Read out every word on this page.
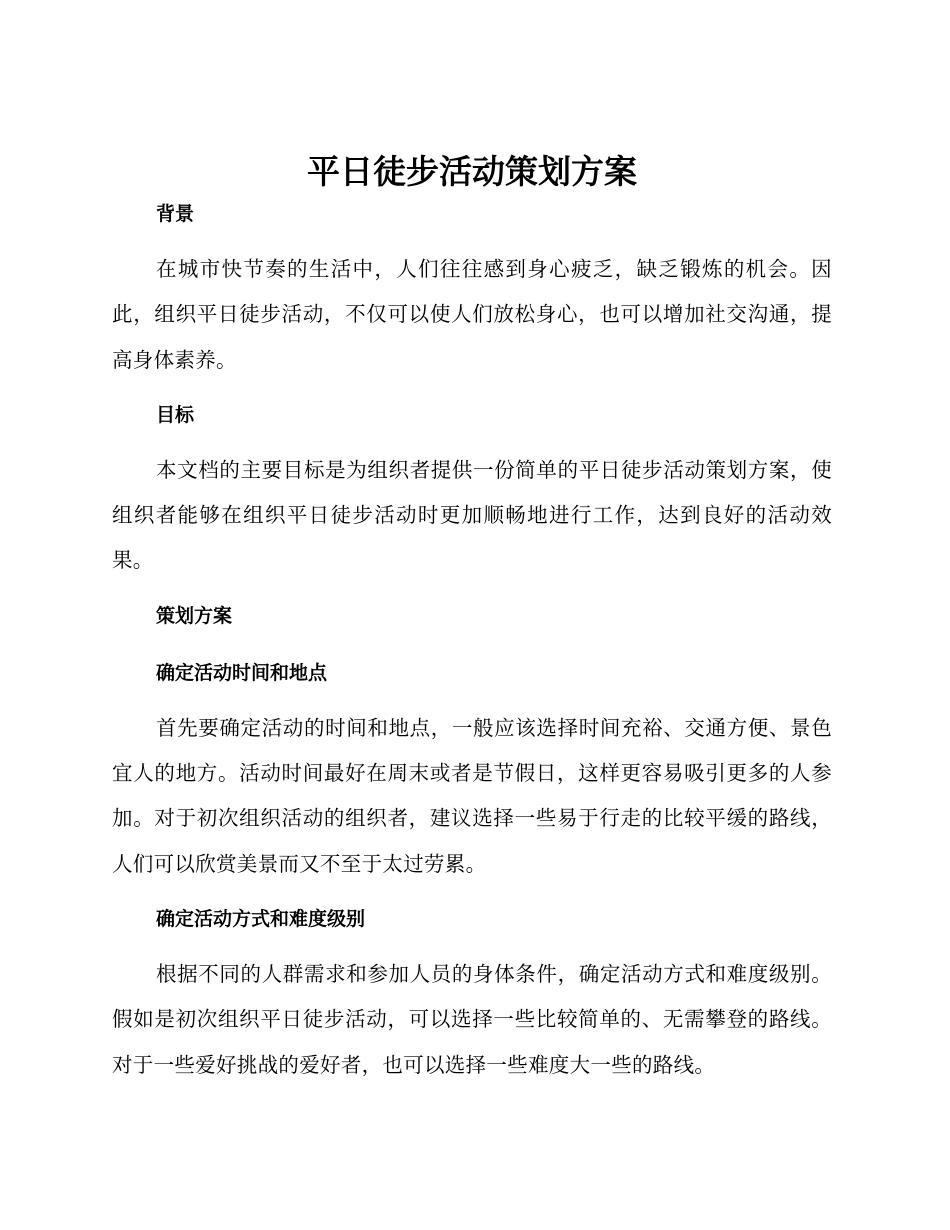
平日徒步活动策划方案
背景

在城市快节奏的生活中，人们往往感到身心疲乏，缺乏锻炼的机会。因此，组织平日徒步活动，不仅可以使人们放松身心，也可以增加社交沟通，提高身体素养。

目标

本文档的主要目标是为组织者提供一份简单的平日徒步活动策划方案，使组织者能够在组织平日徒步活动时更加顺畅地进行工作，达到良好的活动效果。

策划方案
确定活动时间和地点

首先要确定活动的时间和地点，一般应该选择时间充裕、交通方便、景色宜人的地方。活动时间最好在周末或者是节假日，这样更容易吸引更多的人参加。对于初次组织活动的组织者，建议选择一些易于行走的比较平缓的路线，人们可以欣赏美景而又不至于太过劳累。

确定活动方式和难度级别

根据不同的人群需求和参加人员的身体条件，确定活动方式和难度级别。假如是初次组织平日徒步活动，可以选择一些比较简单的、无需攀登的路线。对于一些爱好挑战的爱好者，也可以选择一些难度大一些的路线。
